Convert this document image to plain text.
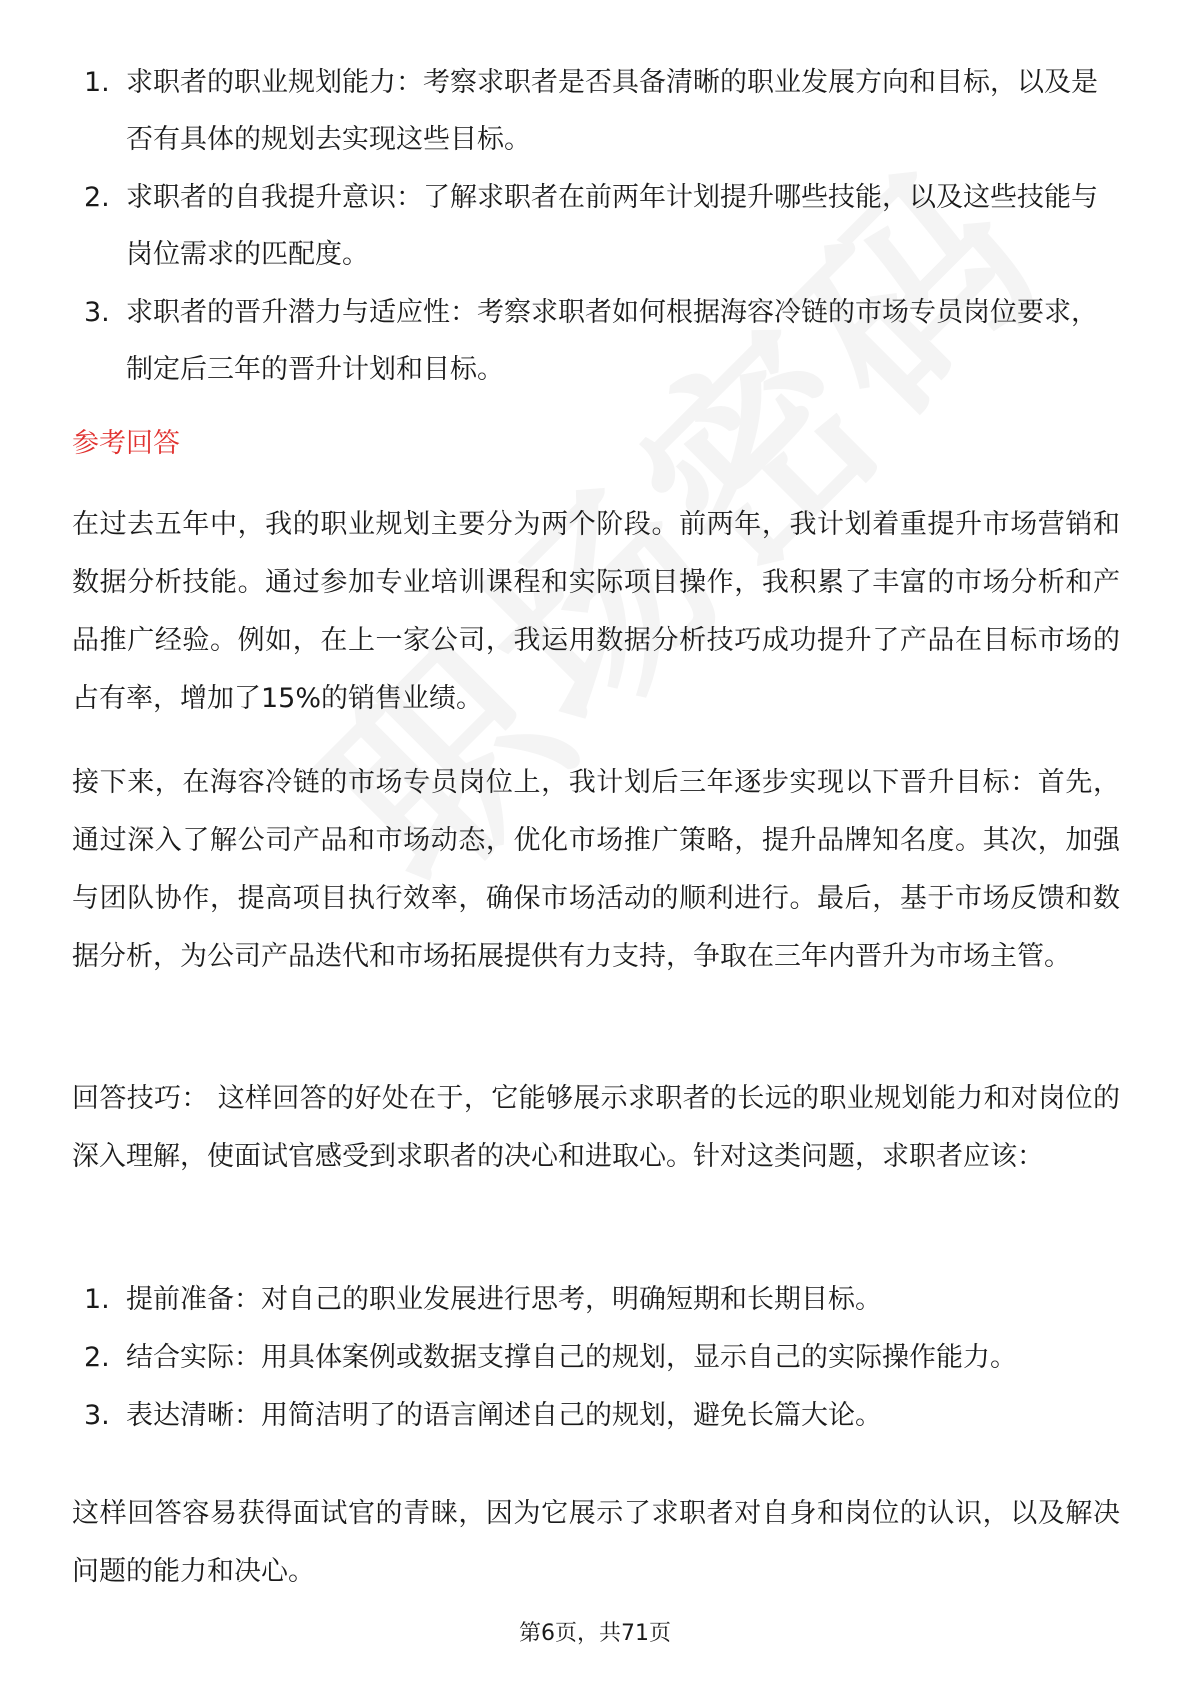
1. 求职者的职业规划能力：考察求职者是否具备清晰的职业发展方向和目标，以及是否有具体的规划去实现这些目标。
2. 求职者的自我提升意识：了解求职者在前两年计划提升哪些技能，以及这些技能与岗位需求的匹配度。
3. 求职者的晋升潜力与适应性：考察求职者如何根据海容冷链的市场专员岗位要求，制定后三年的晋升计划和目标。
参考回答
在过去五年中，我的职业规划主要分为两个阶段。前两年，我计划着重提升市场营销和数据分析技能。通过参加专业培训课程和实际项目操作，我积累了丰富的市场分析和产品推广经验。例如，在上一家公司，我运用数据分析技巧成功提升了产品在目标市场的占有率，增加了15%的销售业绩。
接下来，在海容冷链的市场专员岗位上，我计划后三年逐步实现以下晋升目标：首先，通过深入了解公司产品和市场动态，优化市场推广策略，提升品牌知名度。其次，加强与团队协作，提高项目执行效率，确保市场活动的顺利进行。最后，基于市场反馈和数据分析，为公司产品迭代和市场拓展提供有力支持，争取在三年内晋升为市场主管。
回答技巧： 这样回答的好处在于，它能够展示求职者的长远的职业规划能力和对岗位的深入理解，使面试官感受到求职者的决心和进取心。针对这类问题，求职者应该：
1. 提前准备：对自己的职业发展进行思考，明确短期和长期目标。
2. 结合实际：用具体案例或数据支撑自己的规划，显示自己的实际操作能力。
3. 表达清晰：用简洁明了的语言阐述自己的规划，避免长篇大论。
这样回答容易获得面试官的青睐，因为它展示了求职者对自身和岗位的认识，以及解决问题的能力和决心。
第6页，共71页
